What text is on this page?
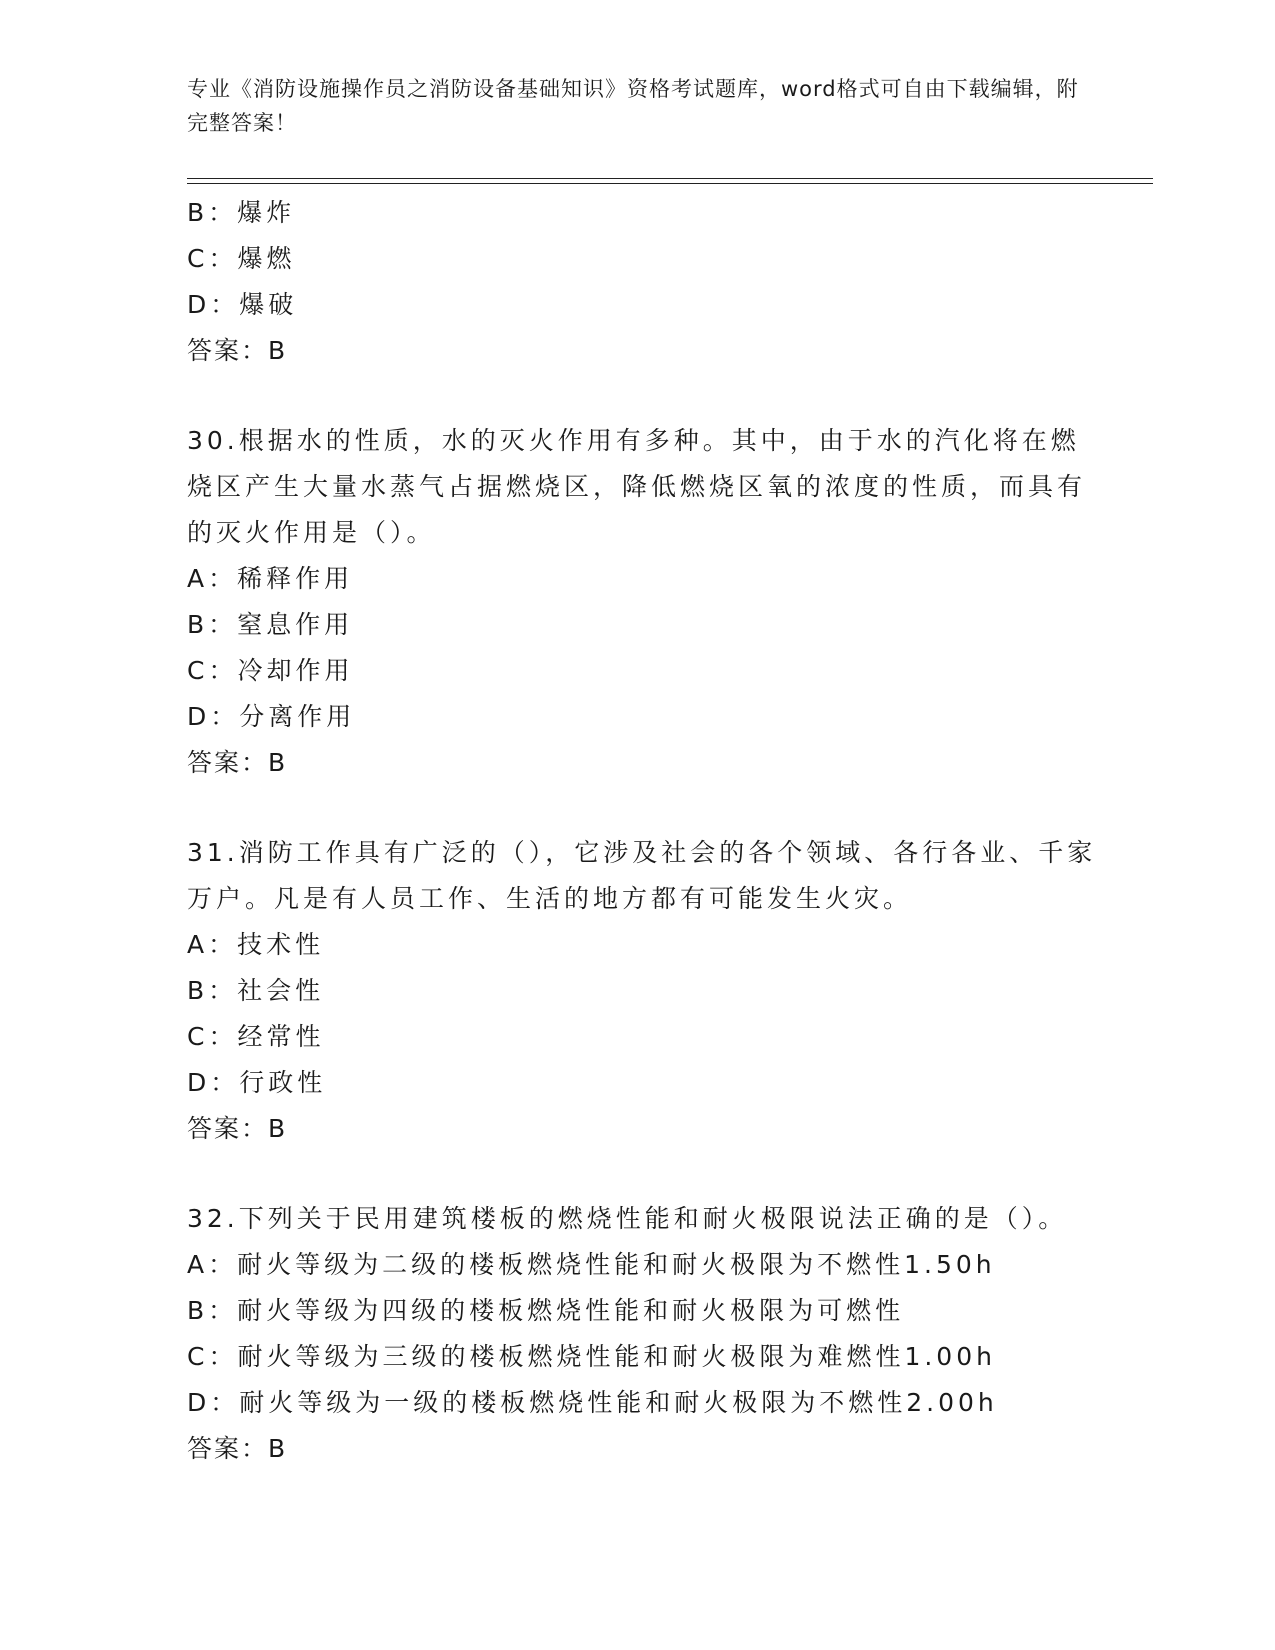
专业《消防设施操作员之消防设备基础知识》资格考试题库，word格式可自由下载编辑，附完整答案！
B：爆炸
C：爆燃
D：爆破
答案：B
30.根据水的性质，水的灭火作用有多种。其中，由于水的汽化将在燃烧区产生大量水蒸气占据燃烧区，降低燃烧区氧的浓度的性质，而具有的灭火作用是（）。
A：稀释作用
B：窒息作用
C：冷却作用
D：分离作用
答案：B
31.消防工作具有广泛的（），它涉及社会的各个领域、各行各业、千家万户。凡是有人员工作、生活的地方都有可能发生火灾。
A：技术性
B：社会性
C：经常性
D：行政性
答案：B
32.下列关于民用建筑楼板的燃烧性能和耐火极限说法正确的是（）。
A：耐火等级为二级的楼板燃烧性能和耐火极限为不燃性1.50h
B：耐火等级为四级的楼板燃烧性能和耐火极限为可燃性
C：耐火等级为三级的楼板燃烧性能和耐火极限为难燃性1.00h
D：耐火等级为一级的楼板燃烧性能和耐火极限为不燃性2.00h
答案：B
